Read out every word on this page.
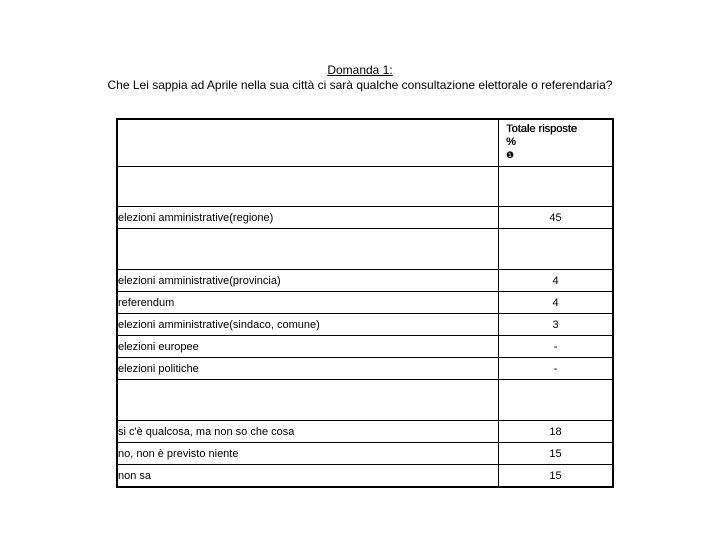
Domanda 1:
Che Lei sappia ad Aprile nella sua città ci sarà qualche consultazione elettorale o referendaria?

	Totale risposte
%
❶

elezioni amministrative(regione)	45

elezioni amministrative(provincia)	4
referendum	4
elezioni amministrative(sindaco, comune)	3
elezioni europee	-
elezioni politiche	-

si c'è qualcosa, ma non so che cosa	18
no, non è previsto niente	15
non sa	15
